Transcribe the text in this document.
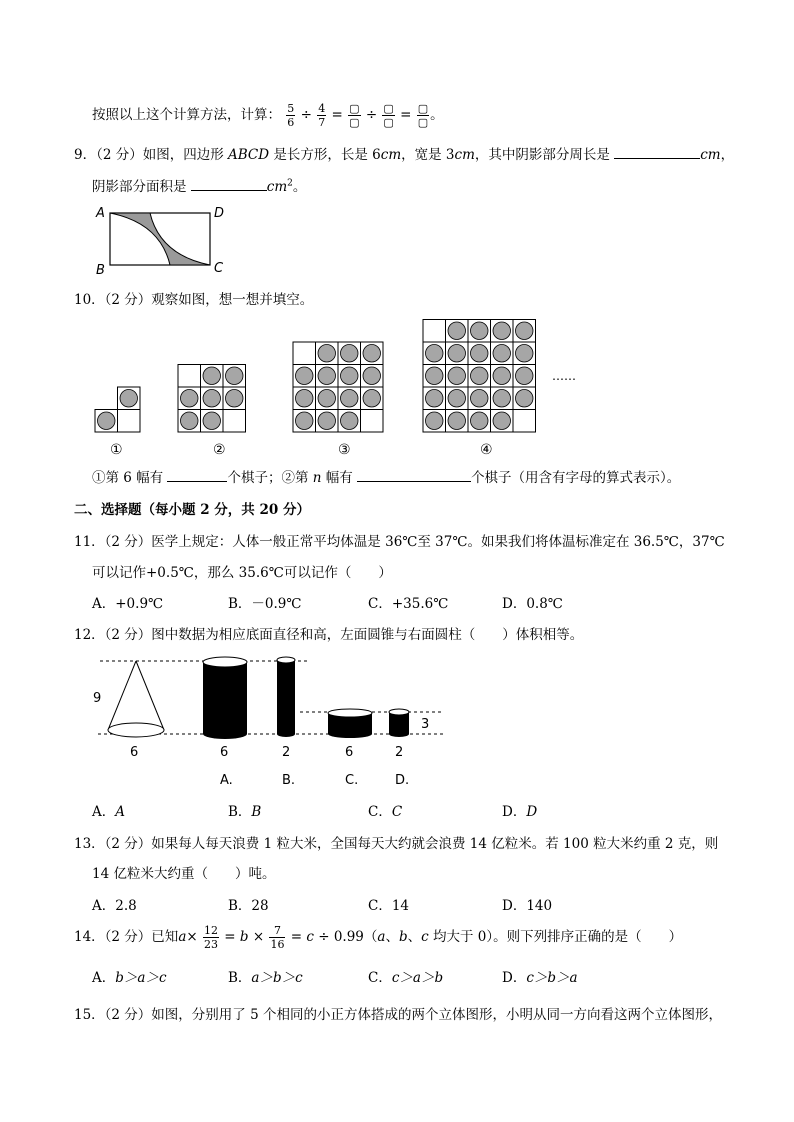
按照以上这个计算方法，计算： $\frac{5}{6} \div \frac{4}{7} = \frac{▢}{▢} \div \frac{▢}{▢} = \frac{▢}{▢}$ 。
9．（2 分）如图，四边形 ABCD 是长方形，长是 6cm，宽是 3cm，其中阴影部分周长是	cm，
阴影部分面积是	$cm^2$。
A	D
B	C
10．（2 分）观察如图，想一想并填空。
①	②	③	④
……
①第 6 幅有	个棋子；②第 n 幅有	个棋子（用含有字母的算式表示）。
二、选择题（每小题 2 分，共 20 分）
11．（2 分）医学上规定：人体一般正常平均体温是 36℃至 37℃。如果我们将体温标准定在 36.5℃，37℃
可以记作+0.5℃，那么 35.6℃可以记作（　　）
A．+0.9℃	B．－0.9℃	C．+35.6℃	D．0.8℃
12．（2 分）图中数据为相应底面直径和高，左面圆锥与右面圆柱（　　）体积相等。
9
6	6	2	6	2
3
A.	B.	C.	D.
A．A	B．B	C．C	D．D
13．（2 分）如果每人每天浪费 1 粒大米，全国每天大约就会浪费 14 亿粒米。若 100 粒大米约重 2 克，则
14 亿粒米大约重（　　）吨。
A．2.8	B．28	C．14	D．140
14．（2 分）已知$a\times \frac{12}{23} = b \times \frac{7}{16} = c \div 0.99(a$、b、c 均大于 0）。则下列排序正确的是（　　）
A．b＞a＞c	B．a＞b＞c	C．c＞a＞b	D．c＞b＞a
15．（2 分）如图，分别用了 5 个相同的小正方体搭成的两个立体图形，小明从同一方向看这两个立体图形，
